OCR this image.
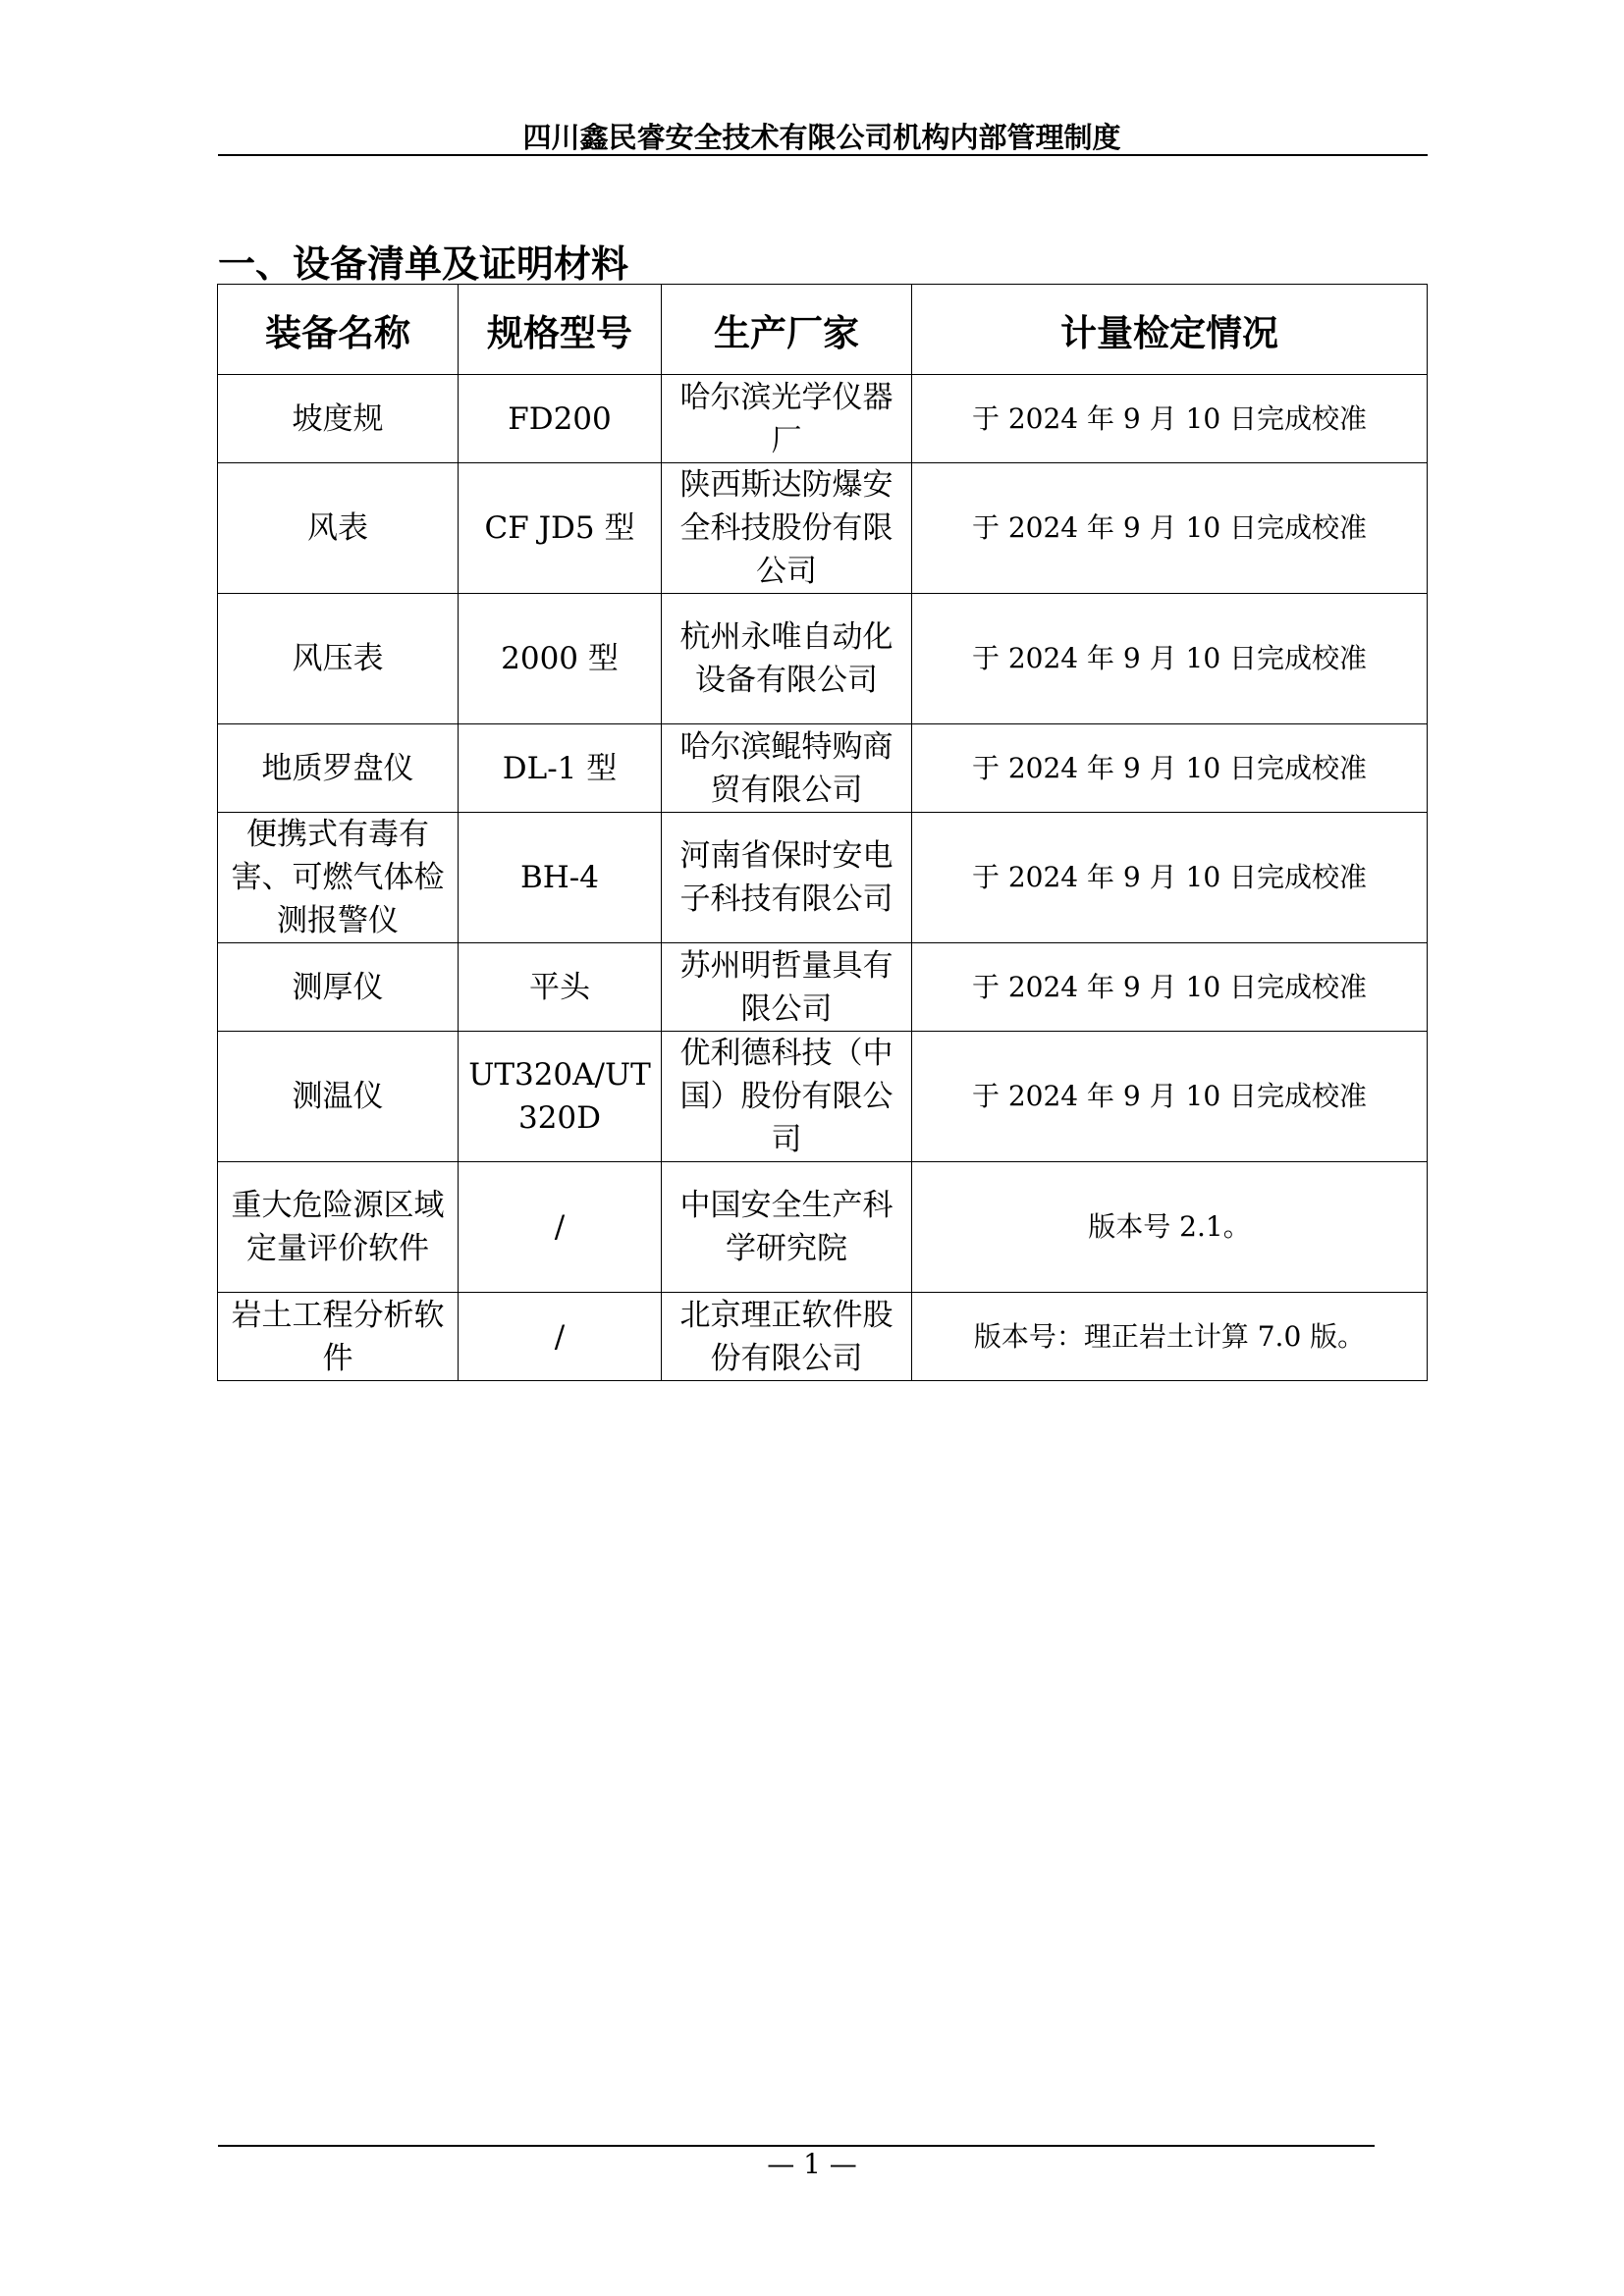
四川鑫民睿安全技术有限公司机构内部管理制度
一、设备清单及证明材料
装备名称	规格型号	生产厂家	计量检定情况
坡度规	FD200	哈尔滨光学仪器厂	于 2024 年 9 月 10 日完成校准
风表	CF JD5 型	陕西斯达防爆安全科技股份有限公司	于 2024 年 9 月 10 日完成校准
风压表	2000 型	杭州永唯自动化设备有限公司	于 2024 年 9 月 10 日完成校准
地质罗盘仪	DL-1 型	哈尔滨鲲特购商贸有限公司	于 2024 年 9 月 10 日完成校准
便携式有毒有害、可燃气体检测报警仪	BH-4	河南省保时安电子科技有限公司	于 2024 年 9 月 10 日完成校准
测厚仪	平头	苏州明哲量具有限公司	于 2024 年 9 月 10 日完成校准
测温仪	UT320A/UT320D	优利德科技（中国）股份有限公司	于 2024 年 9 月 10 日完成校准
重大危险源区域定量评价软件	/	中国安全生产科学研究院	版本号 2.1。
岩土工程分析软件	/	北京理正软件股份有限公司	版本号：理正岩土计算 7.0 版。
— 1 —
